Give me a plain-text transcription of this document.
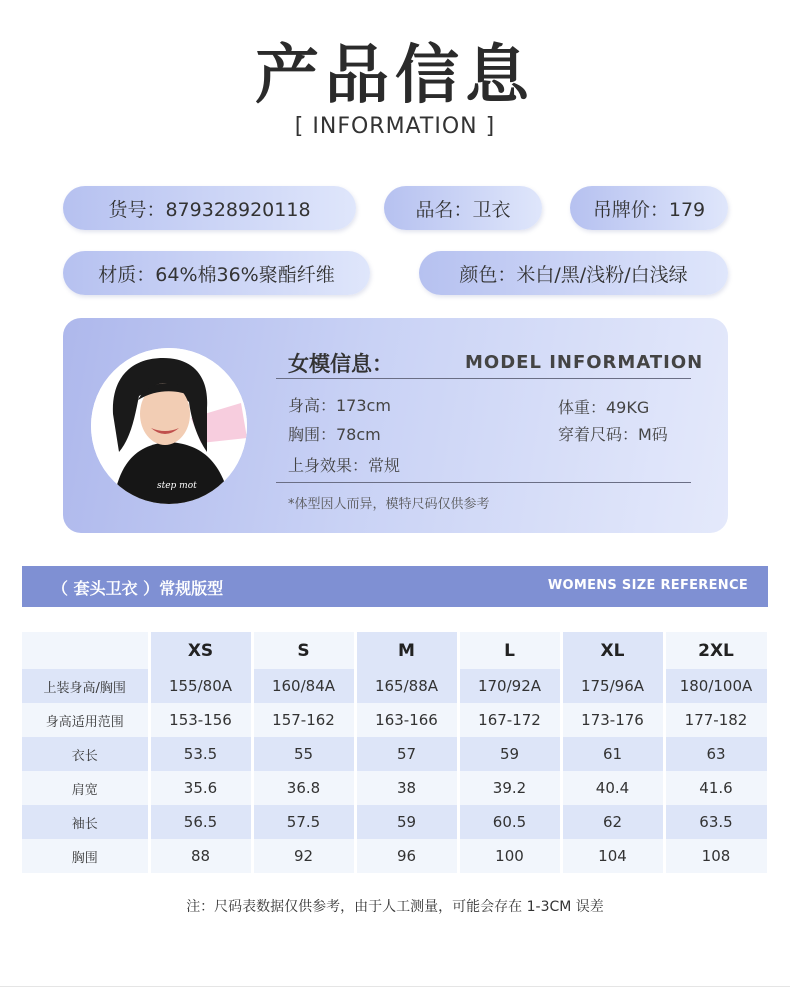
产品信息
[ INFORMATION ]
货号：879328920118	品名：卫衣	吊牌价：179
材质：64%棉36%聚酯纤维	颜色：米白/黑/浅粉/白浅绿
step mot
女模信息：	MODEL INFORMATION
身高：173cm
胸围：78cm
上身效果：常规
体重：49KG
穿着尺码：M码
*体型因人而异，模特尺码仅供参考
（ 套头卫衣 ）常规版型	WOMENS SIZE REFERENCE
	XS	S	M	L	XL	2XL
上装身高/胸围	155/80A	160/84A	165/88A	170/92A	175/96A	180/100A
身高适用范围	153-156	157-162	163-166	167-172	173-176	177-182
衣长	53.5	55	57	59	61	63
肩宽	35.6	36.8	38	39.2	40.4	41.6
袖长	56.5	57.5	59	60.5	62	63.5
胸围	88	92	96	100	104	108
注：尺码表数据仅供参考，由于人工测量，可能会存在 1-3CM 误差
